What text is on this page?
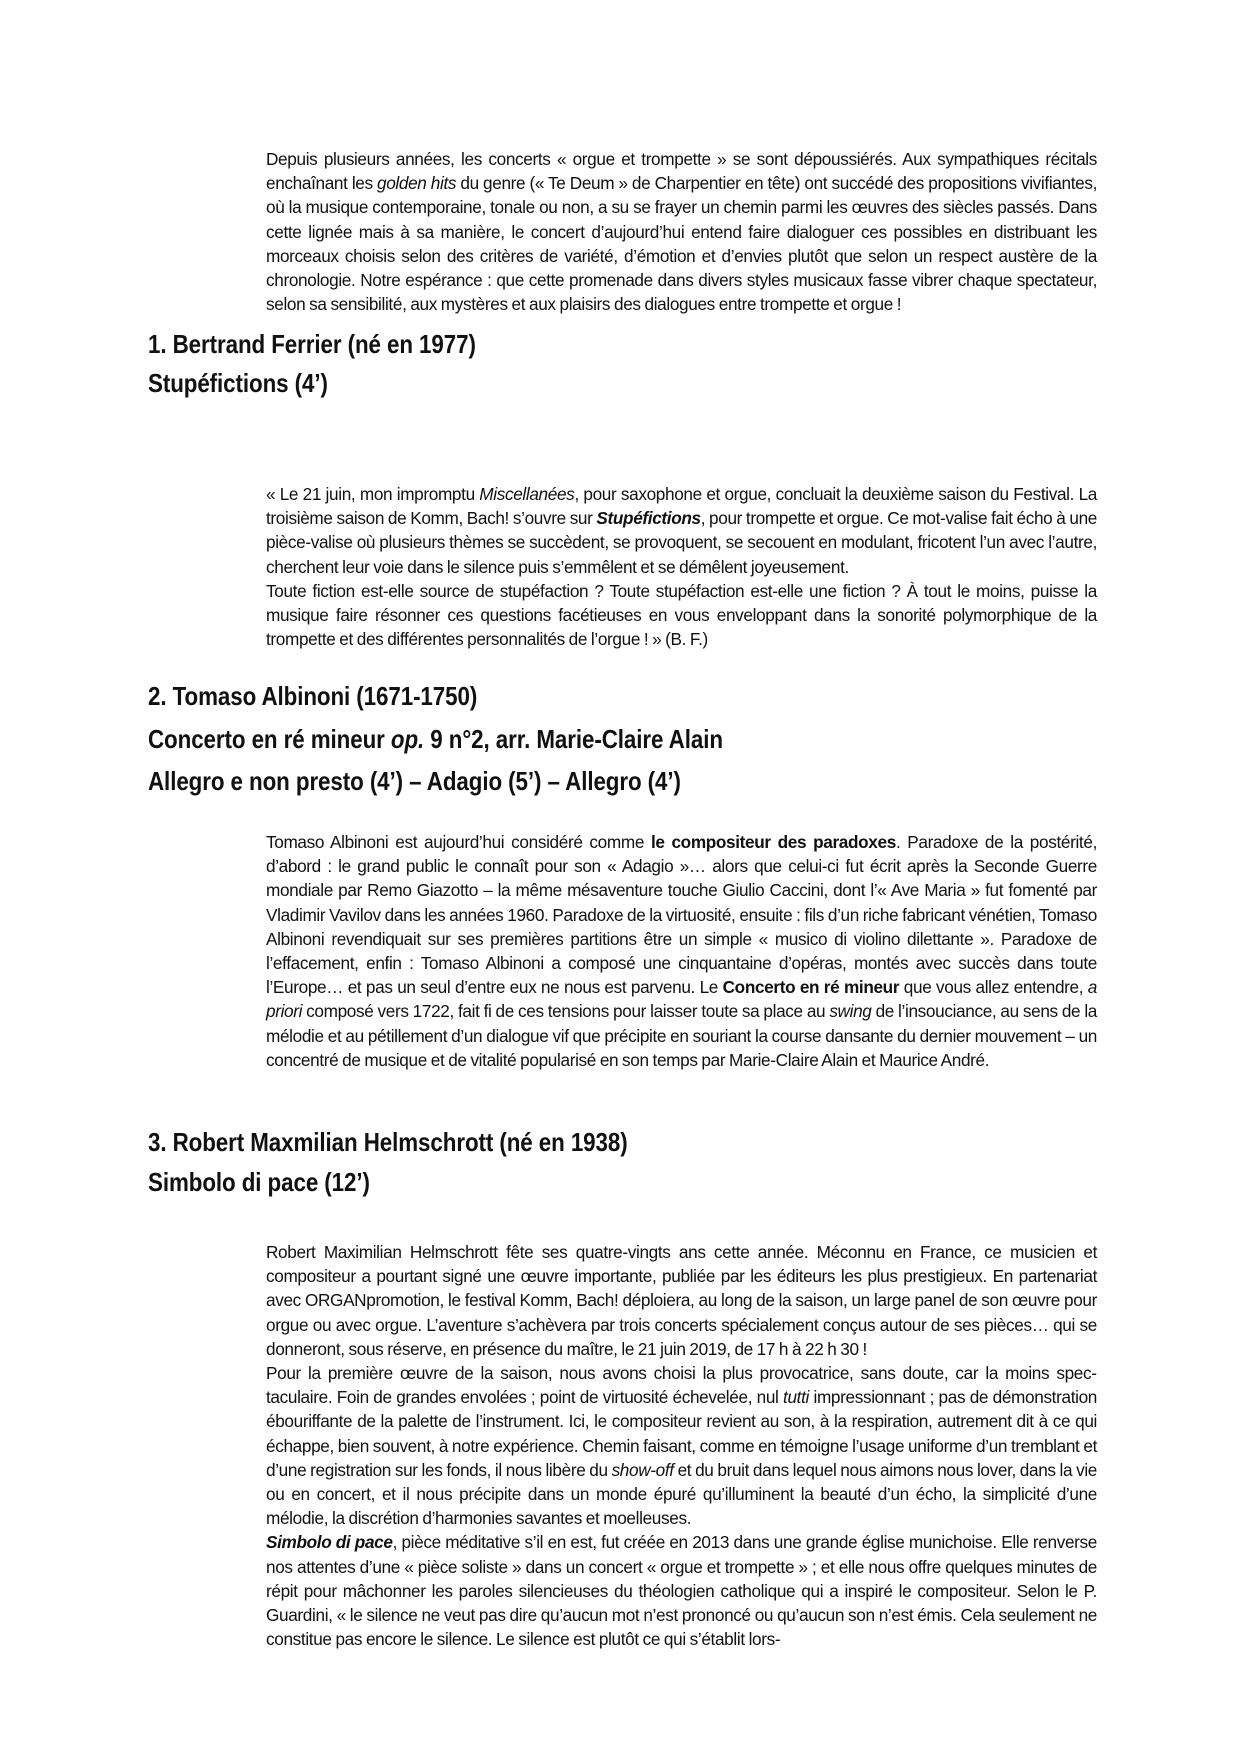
Depuis plusieurs années, les concerts « orgue et trompette » se sont dépoussiérés. Aux sympathiques récitals enchaînant les golden hits du genre (« Te Deum » de Charpentier en tête) ont succédé des propositions vivifiantes, où la musique contemporaine, tonale ou non, a su se frayer un chemin parmi les œuvres des siècles passés. Dans cette lignée mais à sa manière, le concert d’aujourd’hui entend faire dialoguer ces possibles en distribuant les morceaux choisis selon des critères de variété, d’émotion et d’envies plutôt que selon un respect austère de la chronologie. Notre espérance : que cette promenade dans divers styles musicaux fasse vibrer chaque spectateur, selon sa sensibilité, aux mystères et aux plaisirs des dialogues entre trompette et orgue !

1. Bertrand Ferrier (né en 1977)
Stupéfictions (4’)

« Le 21 juin, mon impromptu Miscellanées, pour saxophone et orgue, concluait la deuxième saison du Festival. La troisième saison de Komm, Bach! s’ouvre sur Stupéfictions, pour trompette et orgue. Ce mot-valise fait écho à une pièce-valise où plusieurs thèmes se succèdent, se provoquent, se secouent en modulant, fricotent l’un avec l’autre, cherchent leur voie dans le silence puis s’emmêlent et se démêlent joyeusement.

Toute fiction est-elle source de stupéfaction ? Toute stupéfaction est-elle une fiction ? À tout le moins, puisse la musique faire résonner ces questions facétieuses en vous enveloppant dans la sonorité polymorphique de la trompette et des différentes personnalités de l’orgue ! » (B. F.)

2. Tomaso Albinoni (1671-1750)
Concerto en ré mineur op. 9 n°2, arr. Marie-Claire Alain
Allegro e non presto (4’) – Adagio (5’) – Allegro (4’)

Tomaso Albinoni est aujourd’hui considéré comme le compositeur des paradoxes. Paradoxe de la postérité, d’abord : le grand public le connaît pour son « Adagio »… alors que celui-ci fut écrit après la Seconde Guerre mondiale par Remo Giazotto – la même mésaventure touche Giulio Caccini, dont l’« Ave Maria » fut fomenté par Vladimir Vavilov dans les années 1960. Paradoxe de la virtuosité, ensuite : fils d’un riche fabricant vénétien, Tomaso Albinoni revendiquait sur ses premières partitions être un simple « musico di violino dilettante ». Paradoxe de l’effacement, enfin : Tomaso Albinoni a composé une cinquantaine d’opéras, montés avec succès dans toute l’Europe… et pas un seul d’entre eux ne nous est parvenu. Le Concerto en ré mineur que vous allez entendre, a priori composé vers 1722, fait fi de ces tensions pour laisser toute sa place au swing de l’insouciance, au sens de la mélodie et au pétillement d’un dialogue vif que précipite en souriant la course dansante du dernier mouvement – un concentré de musique et de vitalité popularisé en son temps par Marie-Claire Alain et Maurice André.

3. Robert Maxmilian Helmschrott (né en 1938)
Simbolo di pace (12’)

Robert Maximilian Helmschrott fête ses quatre-vingts ans cette année. Méconnu en France, ce musicien et compositeur a pourtant signé une œuvre importante, publiée par les éditeurs les plus prestigieux. En partenariat avec ORGANpromotion, le festival Komm, Bach! déploiera, au long de la saison, un large panel de son œuvre pour orgue ou avec orgue. L’aventure s’achèvera par trois concerts spécialement conçus autour de ses pièces… qui se donneront, sous réserve, en présence du maître, le 21 juin 2019, de 17 h à 22 h 30 !

Pour la première œuvre de la saison, nous avons choisi la plus provocatrice, sans doute, car la moins spectaculaire. Foin de grandes envolées ; point de virtuosité échevelée, nul tutti impressionnant ; pas de démonstration ébouriffante de la palette de l’instrument. Ici, le compositeur revient au son, à la respiration, autrement dit à ce qui échappe, bien souvent, à notre expérience. Chemin faisant, comme en témoigne l’usage uniforme d’un tremblant et d’une registration sur les fonds, il nous libère du show-off et du bruit dans lequel nous aimons nous lover, dans la vie ou en concert, et il nous précipite dans un monde épuré qu’illuminent la beauté d’un écho, la simplicité d’une mélodie, la discrétion d’harmonies savantes et moelleuses.

Simbolo di pace, pièce méditative s’il en est, fut créée en 2013 dans une grande église munichoise. Elle renverse nos attentes d’une « pièce soliste » dans un concert « orgue et trompette » ; et elle nous offre quelques minutes de répit pour mâchonner les paroles silencieuses du théologien catholique qui a inspiré le compositeur. Selon le P. Guardini, « le silence ne veut pas dire qu’aucun mot n’est prononcé ou qu’aucun son n’est émis. Cela seulement ne constitue pas encore le silence. Le silence est plutôt ce qui s’établit lors-
